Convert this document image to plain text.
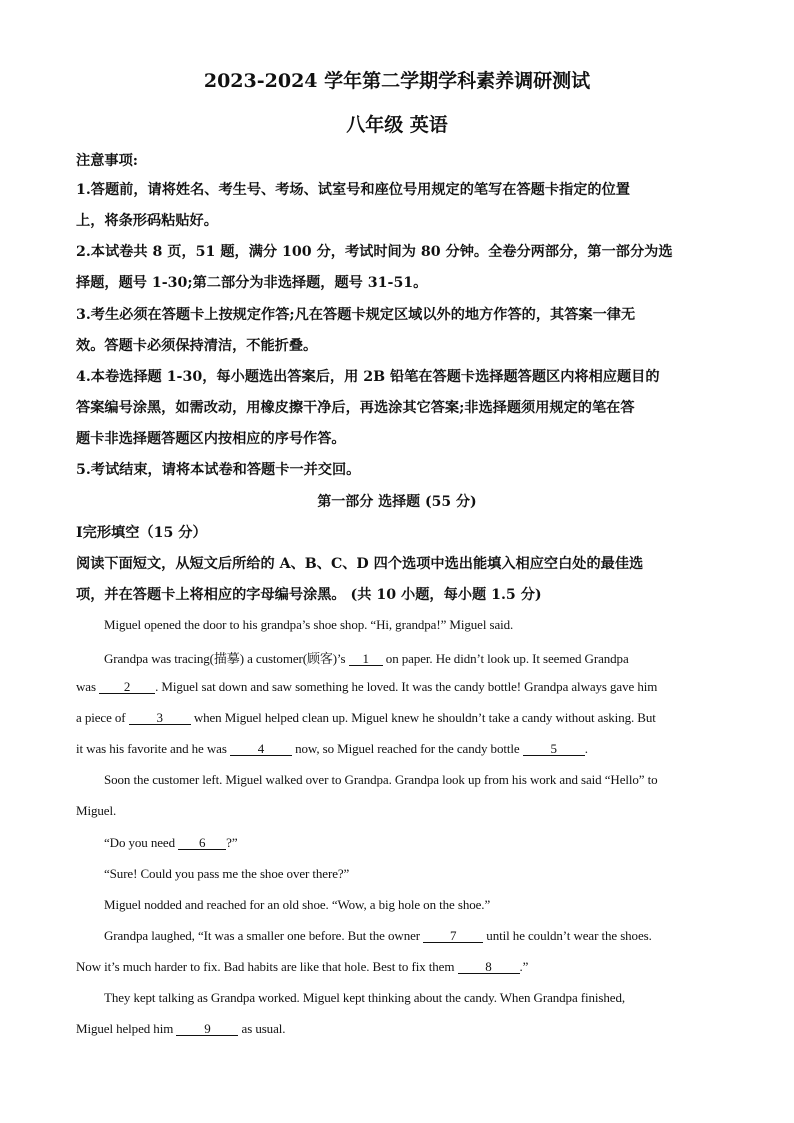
2023-2024 学年第二学期学科素养调研测试
八年级 英语
注意事项:
1.答题前，请将姓名、考生号、考场、试室号和座位号用规定的笔写在答题卡指定的位置
上，将条形码粘贴好。
2.本试卷共 8 页，51 题，满分 100 分，考试时间为 80 分钟。全卷分两部分，第一部分为选
择题，题号 1-30;第二部分为非选择题，题号 31-51。
3.考生必须在答题卡上按规定作答;凡在答题卡规定区域以外的地方作答的，其答案一律无
效。答题卡必须保持清洁，不能折叠。
4.本卷选择题 1-30，每小题选出答案后，用 2B 铅笔在答题卡选择题答题区内将相应题目的
答案编号涂黑，如需改动，用橡皮擦干净后，再选涂其它答案;非选择题须用规定的笔在答
题卡非选择题答题区内按相应的序号作答。
5.考试结束，请将本试卷和答题卡一并交回。
第一部分 选择题 (55 分)
Ⅰ完形填空（15 分）
阅读下面短文，从短文后所给的 A、B、C、D 四个选项中选出能填入相应空白处的最佳选
项，并在答题卡上将相应的字母编号涂黑。 (共 10 小题，每小题 1.5 分)
Miguel opened the door to his grandpa’s shoe shop. “Hi, grandpa!” Miguel said.
Grandpa was tracing(描摹) a customer(顾客)’s 1 on paper. He didn’t look up. It seemed Grandpa
was 2 . Miguel sat down and saw something he loved. It was the candy bottle! Grandpa always gave him
a piece of 3 when Miguel helped clean up. Miguel knew he shouldn’t take a candy without asking. But
it was his favorite and he was 4 now, so Miguel reached for the candy bottle 5 .
Soon the customer left. Miguel walked over to Grandpa. Grandpa look up from his work and said “Hello” to
Miguel.
“Do you need 6 ?”
“Sure! Could you pass me the shoe over there?”
Miguel nodded and reached for an old shoe. “Wow, a big hole on the shoe.”
Grandpa laughed, “It was a smaller one before. But the owner 7 until he couldn’t wear the shoes.
Now it’s much harder to fix. Bad habits are like that hole. Best to fix them 8 .”
They kept talking as Grandpa worked. Miguel kept thinking about the candy. When Grandpa finished,
Miguel helped him 9 as usual.
